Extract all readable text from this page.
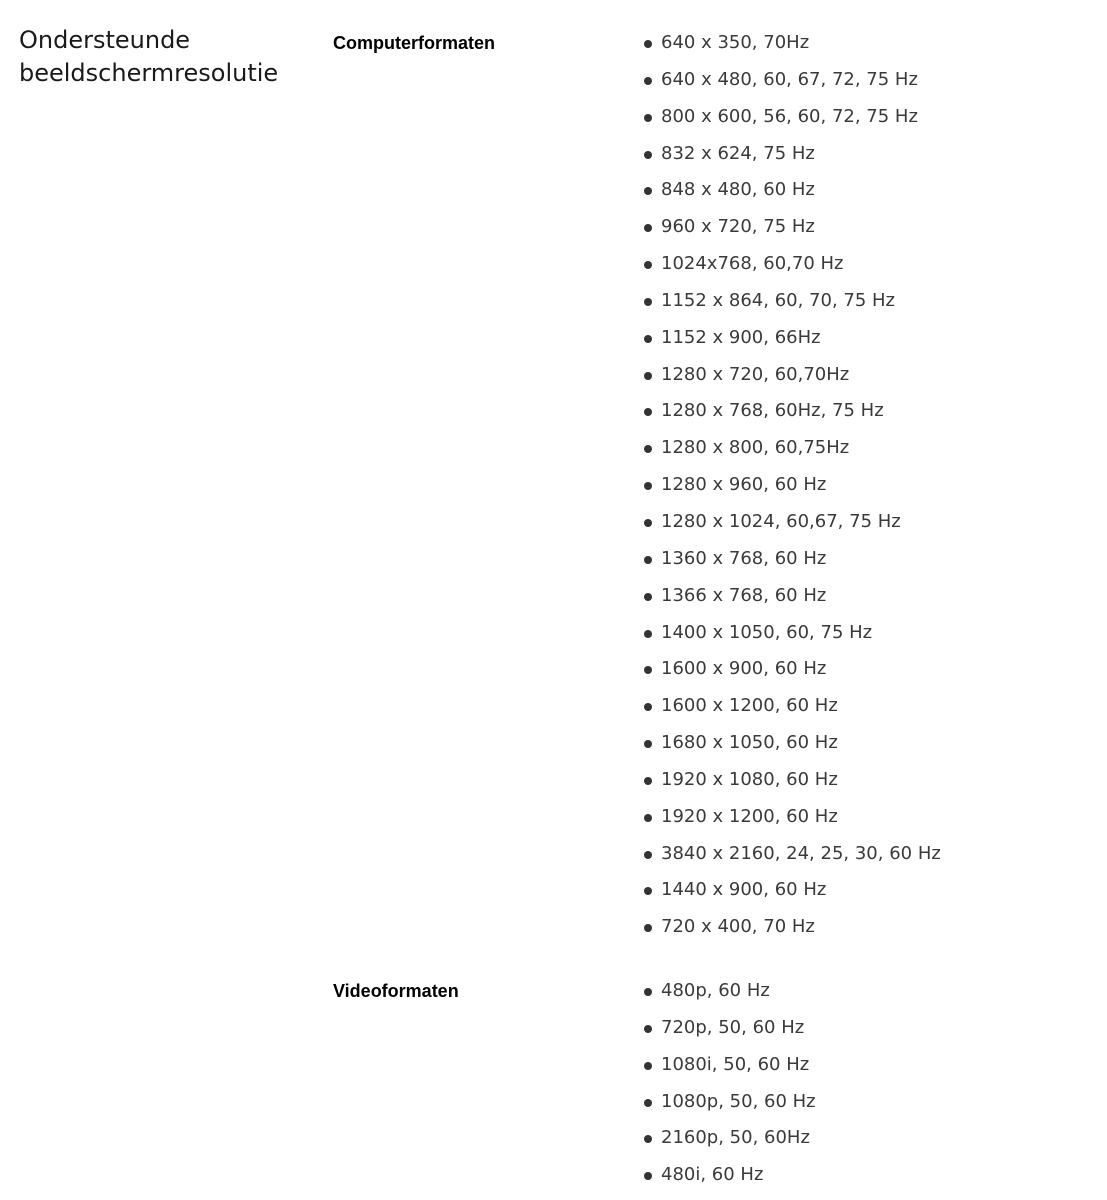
Ondersteunde beeldschermresolutie
Computerformaten	640 x 350, 70Hz
640 x 480, 60, 67, 72, 75 Hz
800 x 600, 56, 60, 72, 75 Hz
832 x 624, 75 Hz
848 x 480, 60 Hz
960 x 720, 75 Hz
1024x768, 60,70 Hz
1152 x 864, 60, 70, 75 Hz
1152 x 900, 66Hz
1280 x 720, 60,70Hz
1280 x 768, 60Hz, 75 Hz
1280 x 800, 60,75Hz
1280 x 960, 60 Hz
1280 x 1024, 60,67, 75 Hz
1360 x 768, 60 Hz
1366 x 768, 60 Hz
1400 x 1050, 60, 75 Hz
1600 x 900, 60 Hz
1600 x 1200, 60 Hz
1680 x 1050, 60 Hz
1920 x 1080, 60 Hz
1920 x 1200, 60 Hz
3840 x 2160, 24, 25, 30, 60 Hz
1440 x 900, 60 Hz
720 x 400, 70 Hz
Videoformaten	480p, 60 Hz
720p, 50, 60 Hz
1080i, 50, 60 Hz
1080p, 50, 60 Hz
2160p, 50, 60Hz
480i, 60 Hz
